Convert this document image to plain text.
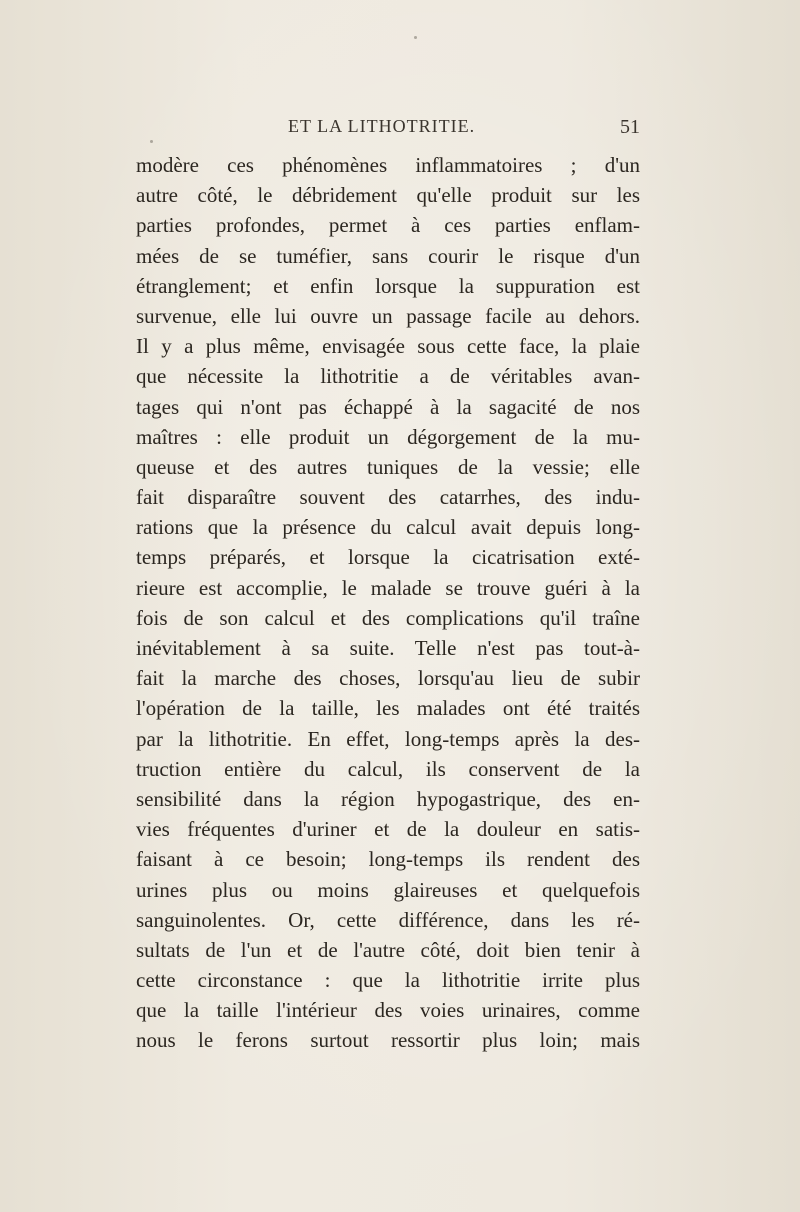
ET LA LITHOTRITIE.	51
modère ces phénomènes inflammatoires ; d'un
autre côté, le débridement qu'elle produit sur les
parties profondes, permet à ces parties enflam-
mées de se tuméfier, sans courir le risque d'un
étranglement; et enfin lorsque la suppuration est
survenue, elle lui ouvre un passage facile au dehors.
Il y a plus même, envisagée sous cette face, la plaie
que nécessite la lithotritie a de véritables avan-
tages qui n'ont pas échappé à la sagacité de nos
maîtres : elle produit un dégorgement de la mu-
queuse et des autres tuniques de la vessie; elle
fait disparaître souvent des catarrhes, des indu-
rations que la présence du calcul avait depuis long-
temps préparés, et lorsque la cicatrisation exté-
rieure est accomplie, le malade se trouve guéri à la
fois de son calcul et des complications qu'il traîne
inévitablement à sa suite. Telle n'est pas tout-à-
fait la marche des choses, lorsqu'au lieu de subir
l'opération de la taille, les malades ont été traités
par la lithotritie. En effet, long-temps après la des-
truction entière du calcul, ils conservent de la
sensibilité dans la région hypogastrique, des en-
vies fréquentes d'uriner et de la douleur en satis-
faisant à ce besoin; long-temps ils rendent des
urines plus ou moins glaireuses et quelquefois
sanguinolentes. Or, cette différence, dans les ré-
sultats de l'un et de l'autre côté, doit bien tenir à
cette circonstance : que la lithotritie irrite plus
que la taille l'intérieur des voies urinaires, comme
nous le ferons surtout ressortir plus loin; mais
